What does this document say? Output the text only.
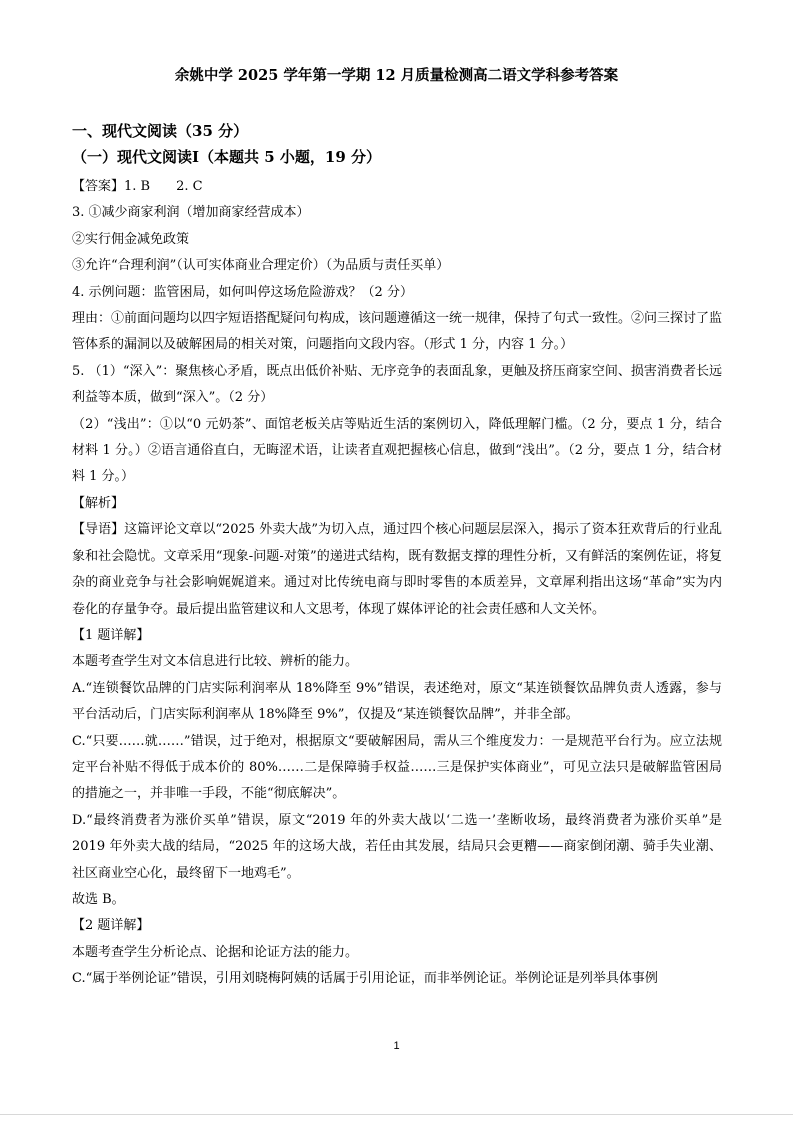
余姚中学 2025 学年第一学期 12 月质量检测高二语文学科参考答案
一、现代文阅读（35 分）
（一）现代文阅读Ⅰ（本题共 5 小题，19 分）
【答案】1. B　　2. C
3. ①减少商家利润（增加商家经营成本）
②实行佣金减免政策
③允许“合理利润”（认可实体商业合理定价）（为品质与责任买单）
4. 示例问题：监管困局，如何叫停这场危险游戏？（2 分）
理由：①前面问题均以四字短语搭配疑问句构成，该问题遵循这一统一规律，保持了句式一致性。②问三探讨了监管体系的漏洞以及破解困局的相关对策，问题指向文段内容。（形式 1 分，内容 1 分。）
5. （1）“深入”：聚焦核心矛盾，既点出低价补贴、无序竞争的表面乱象，更触及挤压商家空间、损害消费者长远利益等本质，做到“深入”。（2 分）
（2）“浅出”：①以“0 元奶茶”、面馆老板关店等贴近生活的案例切入，降低理解门槛。（2 分，要点 1 分，结合材料 1 分。）②语言通俗直白，无晦涩术语，让读者直观把握核心信息，做到“浅出”。（2 分，要点 1 分，结合材料 1 分。）
【解析】
【导语】这篇评论文章以“2025 外卖大战”为切入点，通过四个核心问题层层深入，揭示了资本狂欢背后的行业乱象和社会隐忧。文章采用“现象-问题-对策”的递进式结构，既有数据支撑的理性分析，又有鲜活的案例佐证，将复杂的商业竞争与社会影响娓娓道来。通过对比传统电商与即时零售的本质差异，文章犀利指出这场“革命”实为内卷化的存量争夺。最后提出监管建议和人文思考，体现了媒体评论的社会责任感和人文关怀。
【1 题详解】
本题考查学生对文本信息进行比较、辨析的能力。
A.“连锁餐饮品牌的门店实际利润率从 18%降至 9%”错误，表述绝对，原文“某连锁餐饮品牌负责人透露，参与平台活动后，门店实际利润率从 18%降至 9%”，仅提及“某连锁餐饮品牌”，并非全部。
C.“只要……就……”错误，过于绝对，根据原文“要破解困局，需从三个维度发力：一是规范平台行为。应立法规定平台补贴不得低于成本价的 80%……二是保障骑手权益……三是保护实体商业”，可见立法只是破解监管困局的措施之一，并非唯一手段，不能“彻底解决”。
D.“最终消费者为涨价买单”错误，原文“2019 年的外卖大战以‘二选一’垄断收场，最终消费者为涨价买单”是 2019 年外卖大战的结局，“2025 年的这场大战，若任由其发展，结局只会更糟——商家倒闭潮、骑手失业潮、社区商业空心化，最终留下一地鸡毛”。
故选 B。
【2 题详解】
本题考查学生分析论点、论据和论证方法的能力。
C.“属于举例论证”错误，引用刘晓梅阿姨的话属于引用论证，而非举例论证。举例论证是列举具体事例
1
